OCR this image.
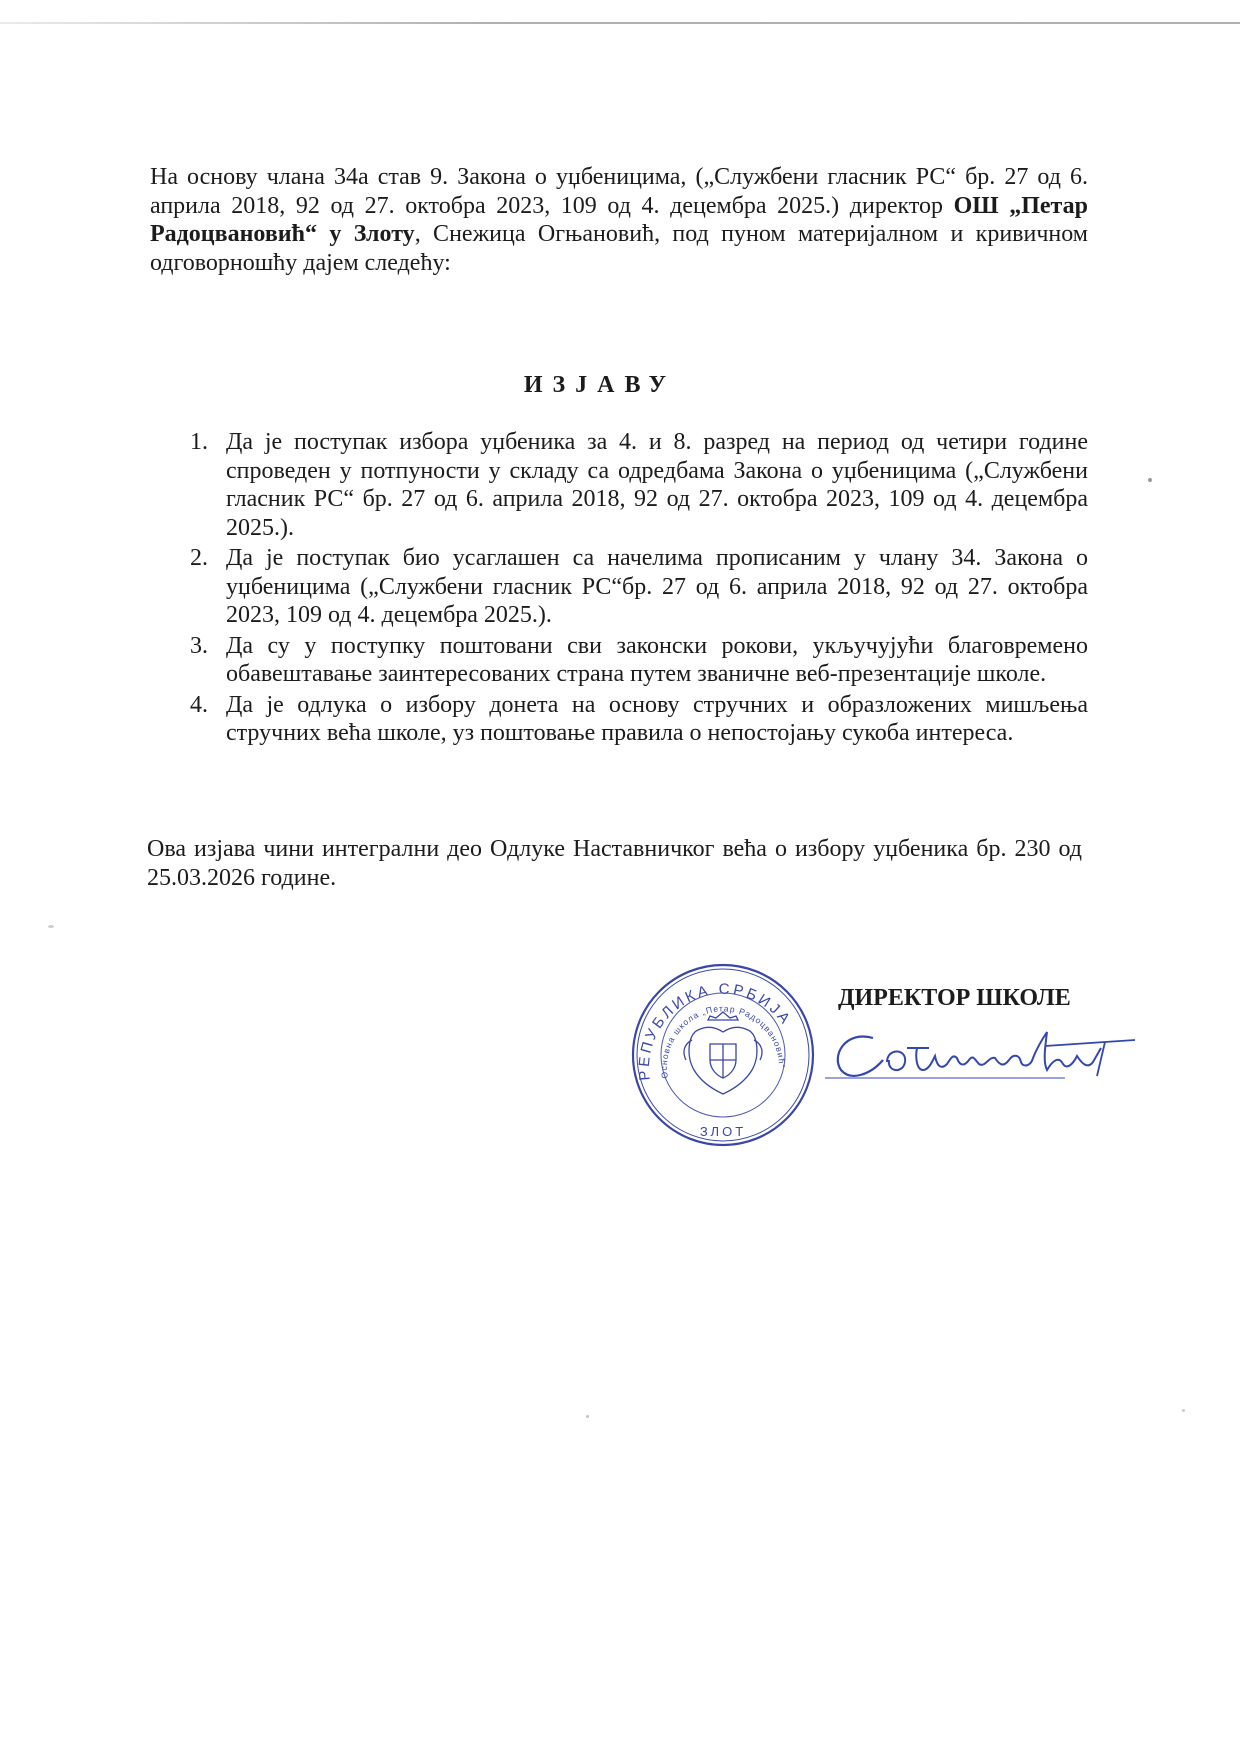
На основу члана 34а став 9. Закона о уџбеницима, („Службени гласник РС“ бр. 27 од 6. априла 2018, 92 од 27. октобра 2023, 109 од 4. децембра 2025.) директор ОШ „Петар Радоцвановић“ у Злоту, Снежица Огњановић, под пуном материјалном и кривичном одговорношћу дајем следећу:

ИЗЈАВУ
1. Да је поступак избора уџбеника за 4. и 8. разред на период од четири године спроведен у потпуности у складу са одредбама Закона о уџбеницима („Службени гласник РС“ бр. 27 од 6. априла 2018, 92 од 27. октобра 2023, 109 од 4. децембра 2025.).
2. Да је поступак био усаглашен са начелима прописаним у члану 34. Закона о уџбеницима („Службени гласник РС“бр. 27 од 6. априла 2018, 92 од 27. октобра 2023, 109 од 4. децембра 2025.).
3. Да су у поступку поштовани сви законски рокови, укључујући благовремено обавештавање заинтересованих страна путем званичне веб-презентације школе.
4. Да је одлука о избору донета на основу стручних и образложених мишљења стручних већа школе, уз поштовање правила о непостојању сукоба интереса.

Ова изјава чини интегрални део Одлуке Наставничког већа о избору уџбеника бр. 230 од 25.03.2026 године.

ДИРЕКТОР ШКОЛЕ

РЕПУБЛИКА СРБИЈА
Основна школа „Петар Радоцвановић“
ЗЛОТ
